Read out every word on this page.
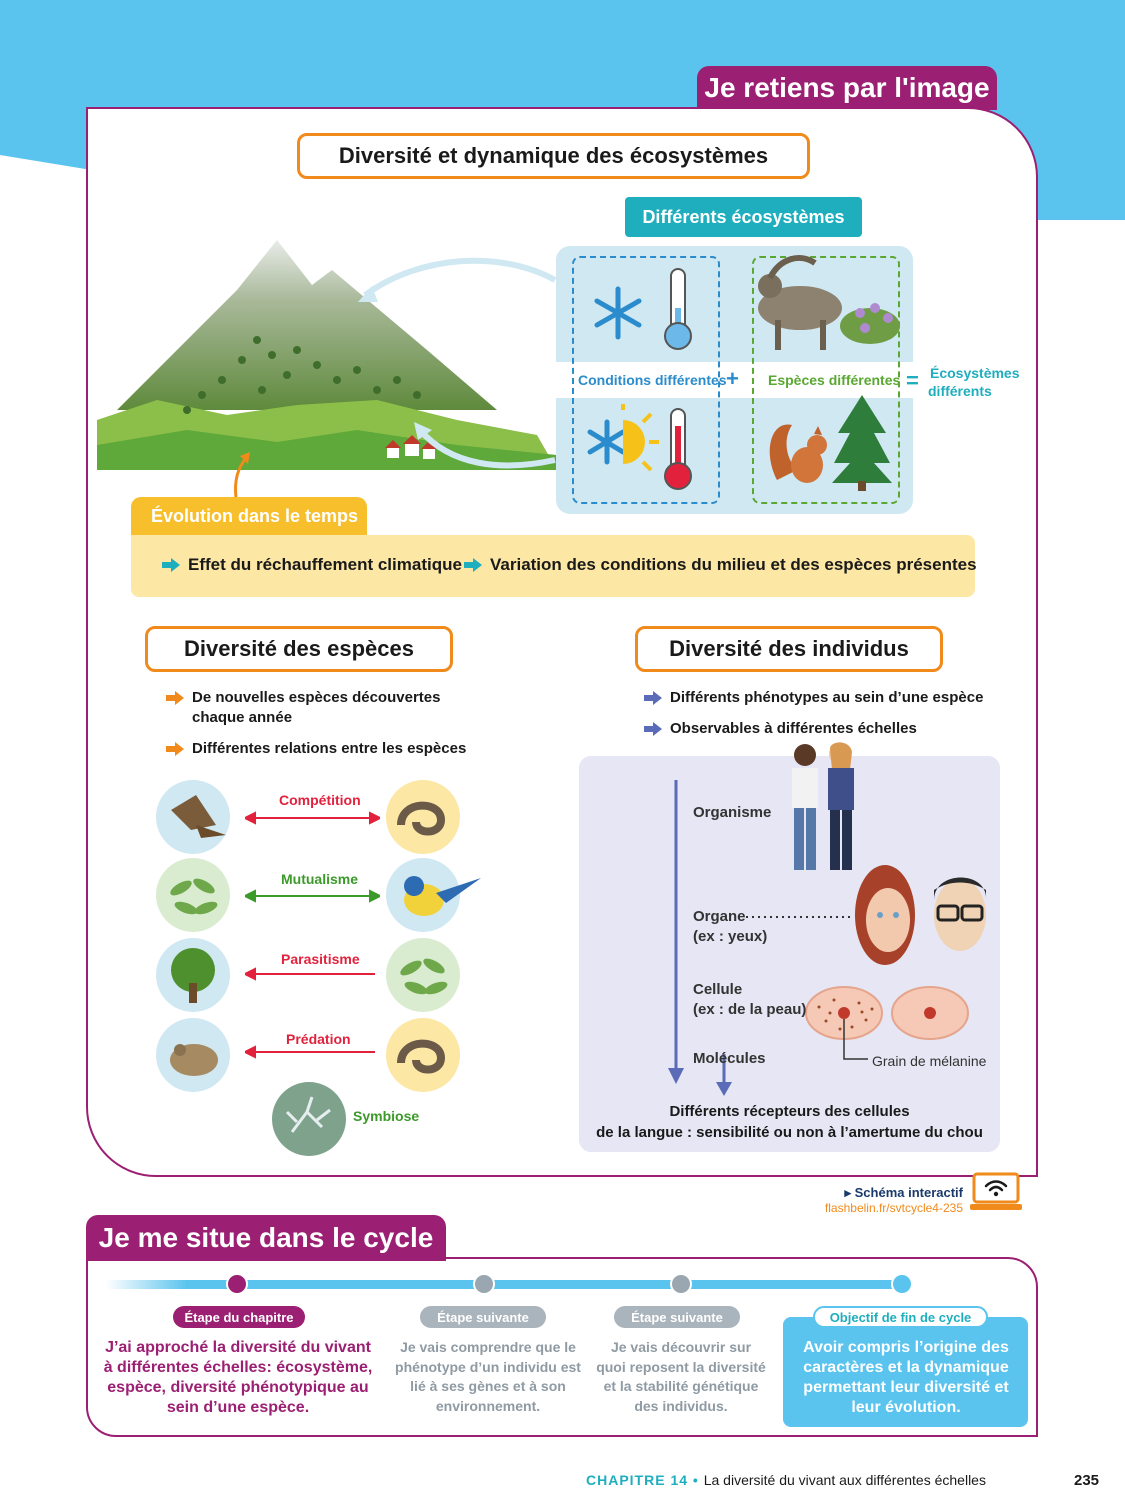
Je retiens par l'image
Diversité et dynamique des écosystèmes
Différents écosystèmes
Conditions différentes + Espèces différentes = Écosystèmes
différents
Évolution dans le temps
Effet du réchauffement climatique Variation des conditions du milieu et des espèces présentes
Diversité des espèces
De nouvelles espèces découvertes
chaque année
Différentes relations entre les espèces
Compétition
Mutualisme
Parasitisme
Prédation
Symbiose
Diversité des individus
Différents phénotypes au sein d’une espèce
Observables à différentes échelles
Organisme
Organe
(ex : yeux)
Cellule
(ex : de la peau)
Molécules	Grain de mélanine
Différents récepteurs des cellules
de la langue : sensibilité ou non à l’amertume du chou
▸ Schéma interactif
flashbelin.fr/svtcycle4-235
Je me situe dans le cycle
Étape du chapitre
J’ai approché la diversité du vivant à différentes échelles: écosystème, espèce, diversité phénotypique au sein d’une espèce.
Étape suivante
Je vais comprendre que le phénotype d’un individu est lié à ses gènes et à son environnement.
Étape suivante
Je vais découvrir sur quoi reposent la diversité et la stabilité génétique des individus.
Objectif de fin de cycle
Avoir compris l’origine des caractères et la dynamique permettant leur diversité et leur évolution.
CHAPITRE 14 • La diversité du vivant aux différentes échelles	235
